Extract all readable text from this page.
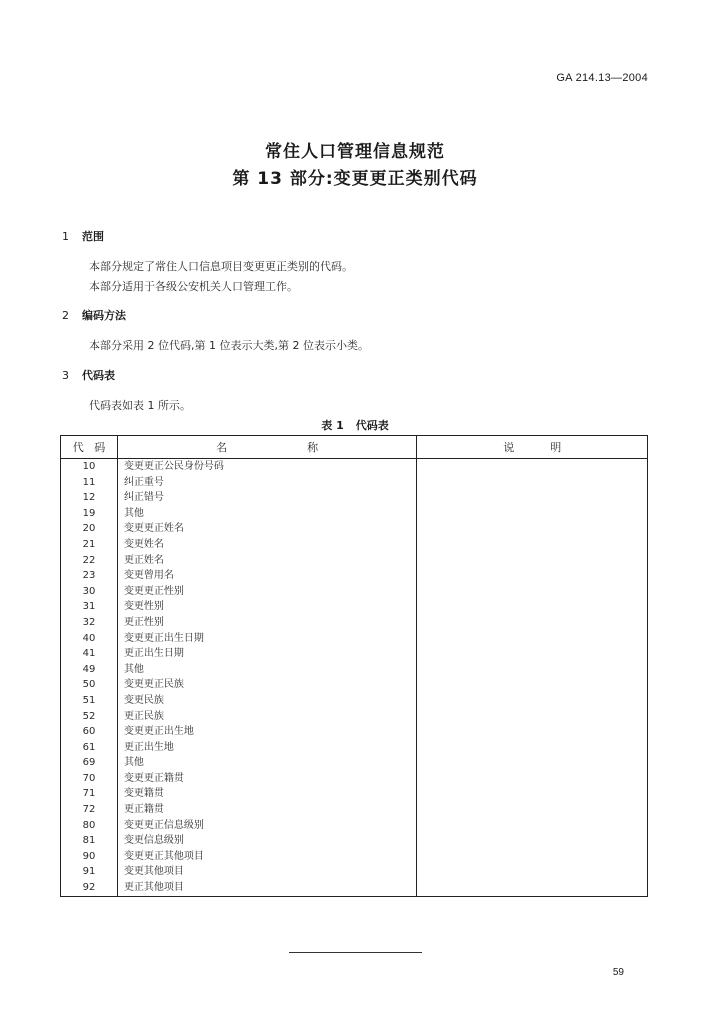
GA 214.13—2004
常住人口管理信息规范
第 13 部分:变更更正类别代码
1 范围
本部分规定了常住人口信息项目变更更正类别的代码。
本部分适用于各级公安机关人口管理工作。
2 编码方法
本部分采用 2 位代码,第 1 位表示大类,第 2 位表示小类。
3 代码表
代码表如表 1 所示。
表 1 代码表
代 码	名 称	说 明
10	变更更正公民身份号码	
11	纠正重号	
12	纠正错号	
19	其他	
20	变更更正姓名	
21	变更姓名	
22	更正姓名	
23	变更曾用名	
30	变更更正性别	
31	变更性别	
32	更正性别	
40	变更更正出生日期	
41	更正出生日期	
49	其他	
50	变更更正民族	
51	变更民族	
52	更正民族	
60	变更更正出生地	
61	更正出生地	
69	其他	
70	变更更正籍贯	
71	变更籍贯	
72	更正籍贯	
80	变更更正信息级别	
81	变更信息级别	
90	变更更正其他项目	
91	变更其他项目	
92	更正其他项目	
59
